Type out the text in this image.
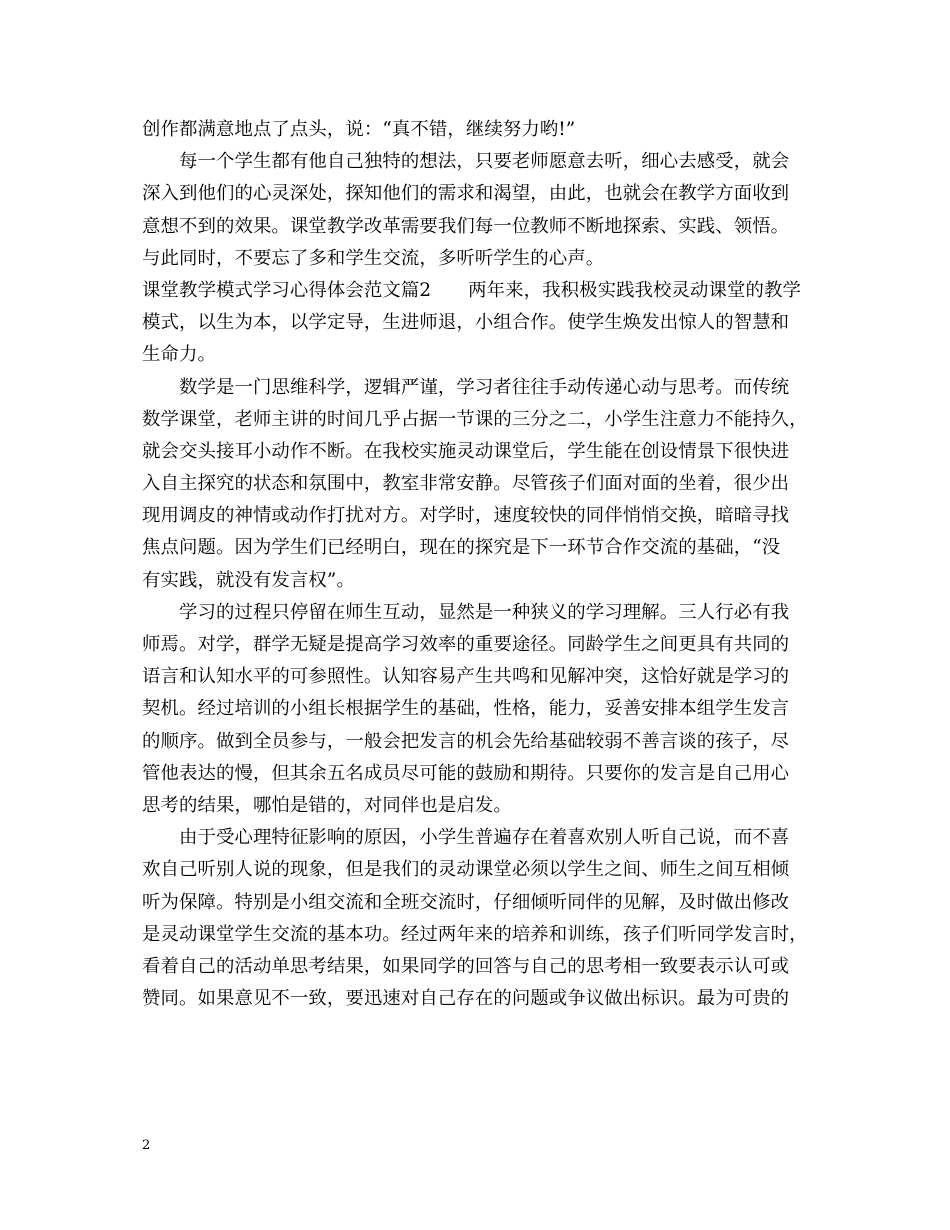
创作都满意地点了点头，说：“真不错，继续努力哟!”
每一个学生都有他自己独特的想法，只要老师愿意去听，细心去感受，就会
深入到他们的心灵深处，探知他们的需求和渴望，由此，也就会在教学方面收到
意想不到的效果。课堂教学改革需要我们每一位教师不断地探索、实践、领悟。
与此同时，不要忘了多和学生交流，多听听学生的心声。
课堂教学模式学习心得体会范文篇2　　两年来，我积极实践我校灵动课堂的教学
模式，以生为本，以学定导，生进师退，小组合作。使学生焕发出惊人的智慧和
生命力。
数学是一门思维科学，逻辑严谨，学习者往往手动传递心动与思考。而传统
数学课堂，老师主讲的时间几乎占据一节课的三分之二，小学生注意力不能持久，
就会交头接耳小动作不断。在我校实施灵动课堂后，学生能在创设情景下很快进
入自主探究的状态和氛围中，教室非常安静。尽管孩子们面对面的坐着，很少出
现用调皮的神情或动作打扰对方。对学时，速度较快的同伴悄悄交换，暗暗寻找
焦点问题。因为学生们已经明白，现在的探究是下一环节合作交流的基础，“没
有实践，就没有发言权”。
学习的过程只停留在师生互动，显然是一种狭义的学习理解。三人行必有我
师焉。对学，群学无疑是提高学习效率的重要途径。同龄学生之间更具有共同的
语言和认知水平的可参照性。认知容易产生共鸣和见解冲突，这恰好就是学习的
契机。经过培训的小组长根据学生的基础，性格，能力，妥善安排本组学生发言
的顺序。做到全员参与，一般会把发言的机会先给基础较弱不善言谈的孩子，尽
管他表达的慢，但其余五名成员尽可能的鼓励和期待。只要你的发言是自己用心
思考的结果，哪怕是错的，对同伴也是启发。
由于受心理特征影响的原因，小学生普遍存在着喜欢别人听自己说，而不喜
欢自己听别人说的现象，但是我们的灵动课堂必须以学生之间、师生之间互相倾
听为保障。特别是小组交流和全班交流时，仔细倾听同伴的见解，及时做出修改
是灵动课堂学生交流的基本功。经过两年来的培养和训练，孩子们听同学发言时，
看着自己的活动单思考结果，如果同学的回答与自己的思考相一致要表示认可或
赞同。如果意见不一致，要迅速对自己存在的问题或争议做出标识。最为可贵的
2
